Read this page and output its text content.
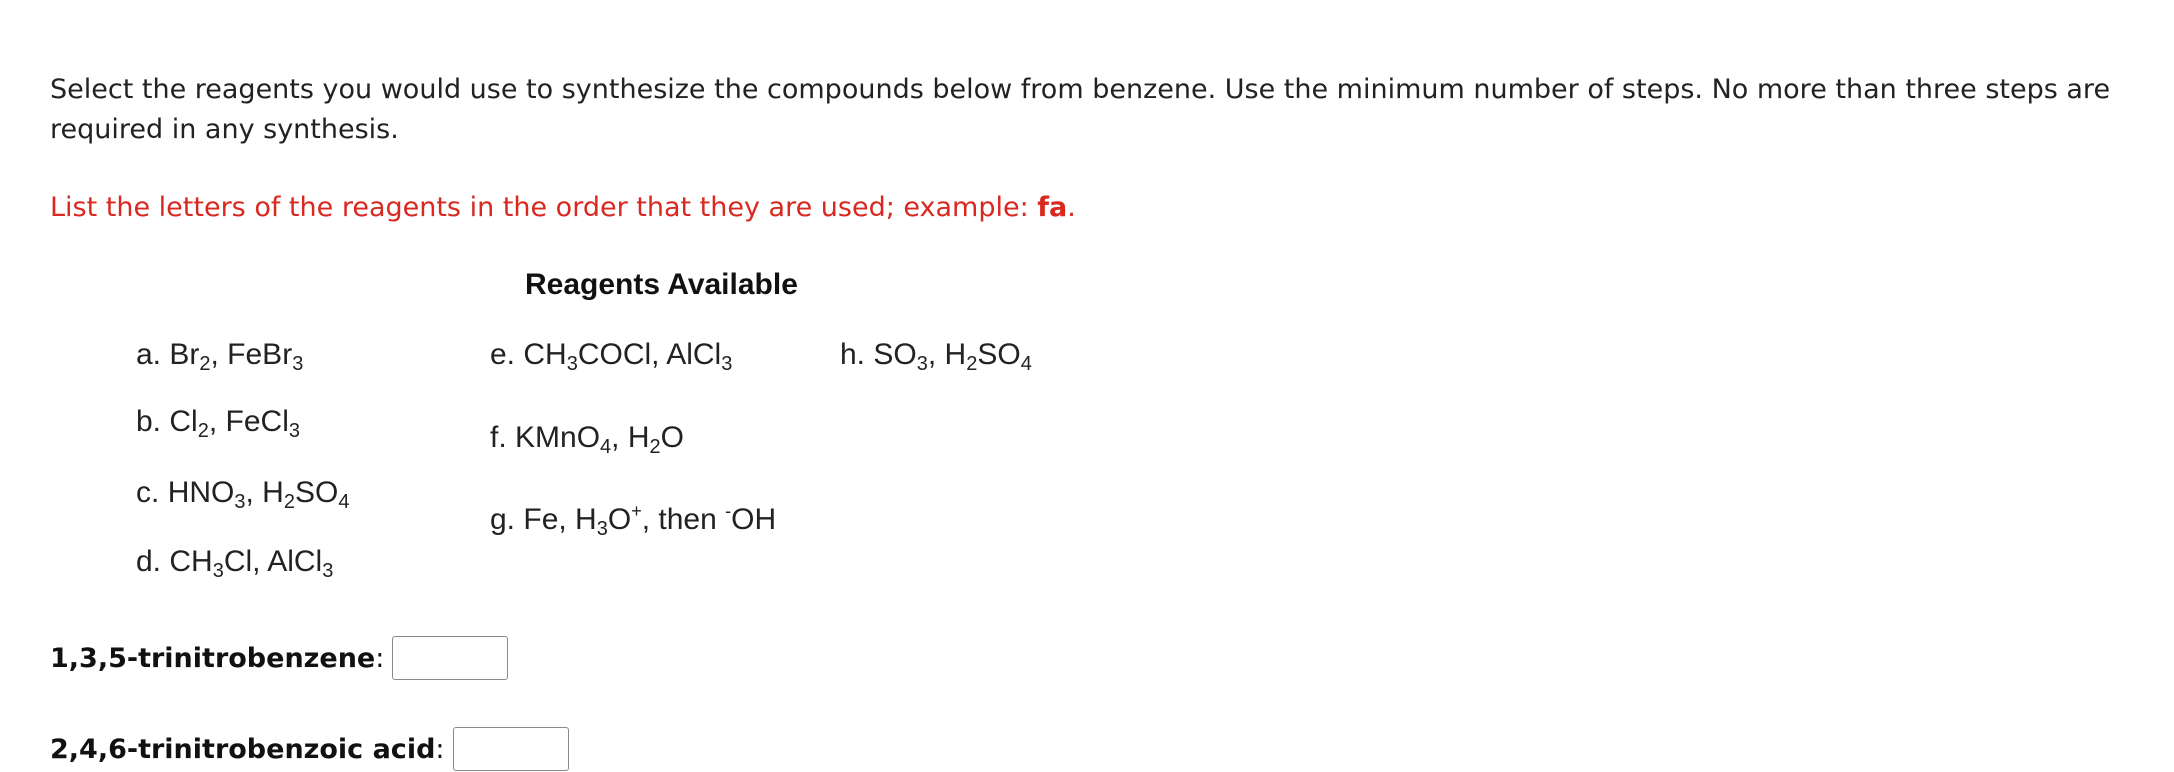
Select the reagents you would use to synthesize the compounds below from benzene. Use the minimum number of steps. No more than three steps are required in any synthesis.
List the letters of the reagents in the order that they are used; example: fa.
Reagents Available
a. $Br_2$, FeBr$_3$
b. $Cl_2$, FeCl$_3$
c. $HNO_3$, $H_2SO_4$
d. $CH_3Cl$, AlCl$_3$
e. $CH_3COCl$, AlCl$_3$
f. KMnO$_4$, $H_2O$
g. Fe, $H_3O^+$, then -OH
h. $SO_3$, $H_2SO_4$
1,3,5-trinitrobenzene :
2,4,6-trinitrobenzoic acid :
